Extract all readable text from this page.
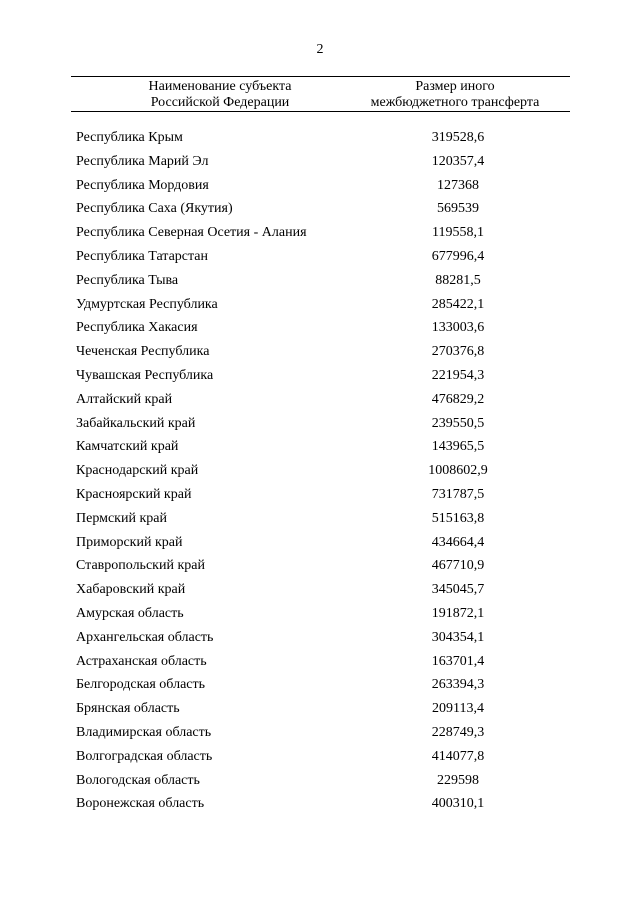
2
Наименование субъекта
Российской Федерации
Размер иного
межбюджетного трансферта
Республика Крым	319528,6
Республика Марий Эл	120357,4
Республика Мордовия	127368
Республика Саха (Якутия)	569539
Республика Северная Осетия - Алания	119558,1
Республика Татарстан	677996,4
Республика Тыва	88281,5
Удмуртская Республика	285422,1
Республика Хакасия	133003,6
Чеченская Республика	270376,8
Чувашская Республика	221954,3
Алтайский край	476829,2
Забайкальский край	239550,5
Камчатский край	143965,5
Краснодарский край	1008602,9
Красноярский край	731787,5
Пермский край	515163,8
Приморский край	434664,4
Ставропольский край	467710,9
Хабаровский край	345045,7
Амурская область	191872,1
Архангельская область	304354,1
Астраханская область	163701,4
Белгородская область	263394,3
Брянская область	209113,4
Владимирская область	228749,3
Волгоградская область	414077,8
Вологодская область	229598
Воронежская область	400310,1
